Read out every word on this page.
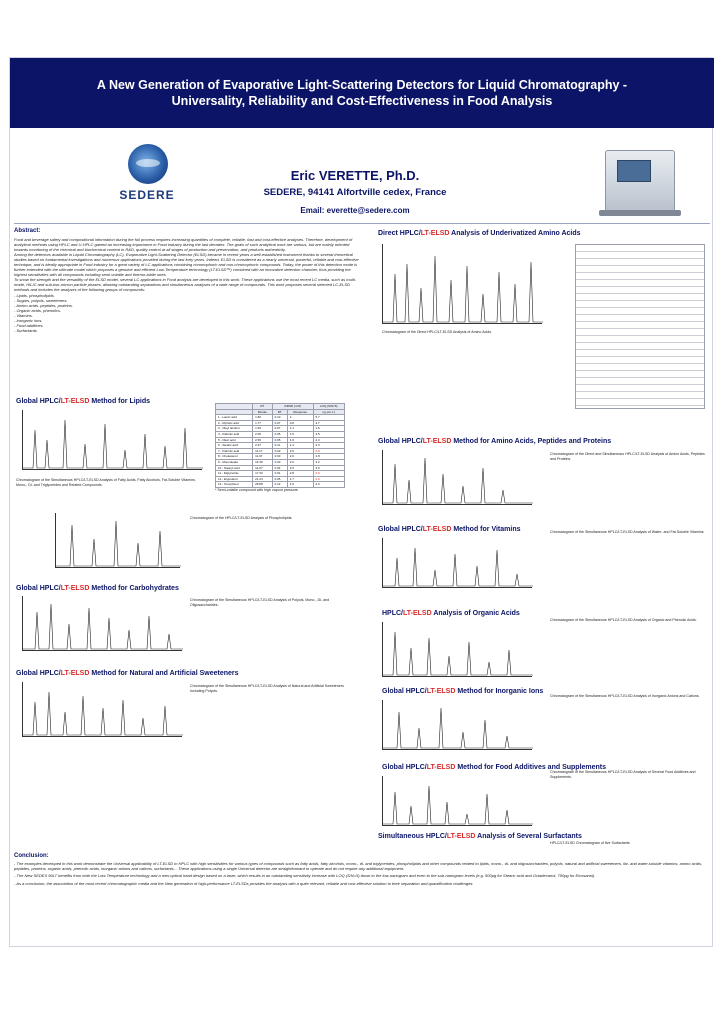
A New Generation of Evaporative Light-Scattering Detectors for Liquid Chromatography -
Universality, Reliability and Cost-Effectiveness in Food Analysis
SEDERE
Eric VERETTE, Ph.D.
SEDERE, 94141 Alfortville cedex, France
Email: everette@sedere.com
Abstract:
Food and beverage safety and compositional information during the full process requires increasing quantities of complete, reliable, fast and cost-effective analyses. Therefore, development of analytical methods using HPLC and U-HPLC gained an increasing importance in Food industry during the last decades. The goals of such analytical work are various, but are mainly oriented towards monitoring of the chemical and biochemical content in R&D, quality control at all stages of production and preservation, and products authenticity.
Among the detectors available in Liquid Chromatography (LC), Evaporative Light-Scattering Detector (ELSD) became in recent years a well-established instrument thanks to several theoretical studies based on fundamental investigations and numerous applications provided during the last forty years. Indeed, ELSD is considered as a nearly universal, powerful, reliable and cost-effective technique, and is ideally appropriate in Food industry for a great variety of LC applications combining chromophoric and non-chromophoric compounds. Today, the power of this detection mode is further extended with the ultimate model which proposes a genuine and efficient Low-Temperature technology (LT-ELSD™) combined with an innovative detection chamber, thus providing the highest sensitivities with all compounds including semi-volatile and thermo-labile ones.
To show the strength and the versatility of the ELSD model, several LC applications in Food analysis are developed in this work. These applications use the most recent LC media, such as multi-mode, HILIC and sub-two-micron particle phases, allowing outstanding separations and simultaneous analyses of a wide range of compounds. This work proposes several selected LC-ELSD methods and includes the analyses of the following groups of compounds:
- Lipids, phospholipids.
- Sugars, polyols, sweeteners.
- Amino acids, peptides, proteins.
- Organic acids, phenolics.
- Vitamins.
- Inorganic ions.
- Food additives.
- Surfactants.
Global HPLC/LT-ELSD Method for Lipids
Chromatogram of the Simultaneous HPLC/LT-ELSD Analysis of Fatty Acids, Fatty Alcohols, Fat-Soluble Vitamins, Mono-, Di- and Triglycerides and Related Compounds.
	RT	%RSD (n=6)		LOQ (S/N=5)
	Minute	RT	Response	ng (on c.)
1 - Lauric acid	1.82	0.10	2	5.7
2 - Myristic acid	1.77	0.07	0.8	3.7
3 - Oleyl alcohol	1.93	0.07	1.1	1.6
4 - Palmitic acid	2.06	0.05	1.5	3.5
5 - Oleic acid	2.56	0.05	1.9	2.3
6 - Stearic acid	2.37	0.11	1.4	2.3
7 - Palmitic acid	11.17	0.03	2.6	0.9
8 - Cholesterol	11.97	0.03	2.0	2.8
9 - Monooleate	12.39	0.03	2.0	3.2
10 - Stearyl acid	14.07	0.04	2.5	3.5
11 - Diglyceride	17.33	0.01	2.8	0.9
12 - Ergosterol	21.24	0.05	1.7	0.9
13 - Tocopherol	28.88	0.12	1.9	2.3
* Semi-volatile compound with high vapour pressure
Chromatogram of the HPLC/LT-ELSD Analysis of Phospholipids.
Global HPLC/LT-ELSD Method for Carbohydrates
Chromatogram of the Simultaneous HPLC/LT-ELSD Analysis of Polyols, Mono-, Di- and Oligosaccharides.
Global HPLC/LT-ELSD Method for Natural and Artificial Sweeteners
Chromatogram of the Simultaneous HPLC/LT-ELSD Analysis of Natural and Artificial Sweeteners Including Polyols.
Direct HPLC/LT-ELSD Analysis of Underivatized Amino Acids
Chromatogram of the Direct HPLC/LT-ELSD Analysis of Amino Acids.
Global HPLC/LT-ELSD Method for Amino Acids, Peptides and Proteins
Chromatogram of the Direct and Simultaneous HPLC/LT-ELSD Analysis of Amino Acids, Peptides and Proteins.
Global HPLC/LT-ELSD Method for Vitamins	Chromatogram of the Simultaneous HPLC/LT-ELSD Analysis of Water- and Fat-Soluble Vitamins.
HPLC/LT-ELSD Analysis of Organic Acids
Chromatogram of the Simultaneous HPLC/LT-ELSD Analysis of Organic and Phenolic Acids.
Global HPLC/LT-ELSD Method for Inorganic Ions
Chromatogram of the Simultaneous HPLC/LT-ELSD Analysis of Inorganic Anions and Cations.
Global HPLC/LT-ELSD Method for Food Additives and Supplements
Chromatogram of the Simultaneous HPLC/LT-ELSD Analysis of Several Food Additives and Supplements.
Simultaneous HPLC/LT-ELSD Analysis of Several Surfactants
HPLC/LT-ELSD Chromatogram of five Surfactants
Conclusion:
- The examples developed in this work demonstrate the Universal applicability of LT-ELSD in HPLC with high sensitivities for various types of compounds such as fatty acids, fatty alcohols, mono-, di- and triglycerides, phospholipids and other compounds related to lipids, mono-, di- and oligosaccharides, polyols, natural and artificial sweeteners, fat- and water-soluble vitamins, amino acids, peptides, proteins, organic acids, phenolic acids, inorganic anions and cations, surfactants... These applications using a single Universal detector are straightforward to operate and do not require any additional equipment.
- The New SEDEX 90LT benefits from both the Low-Temperature technology and a new optical head design based on a laser, which results in an outstanding sensitivity increase with LOQ (S/N=5) down to the low-nanogram and even to the sub-nanogram levels (e.g. 500pg for Stearic acid and Octadecanol, 700pg for Eicosanol).
- As a conclusion, the association of the most recent chromatographic media and the New generation of high-performance LT-ELSDs provides the analysts with a quite relevant, reliable and cost-effective solution to their separation and quantification challenges.
